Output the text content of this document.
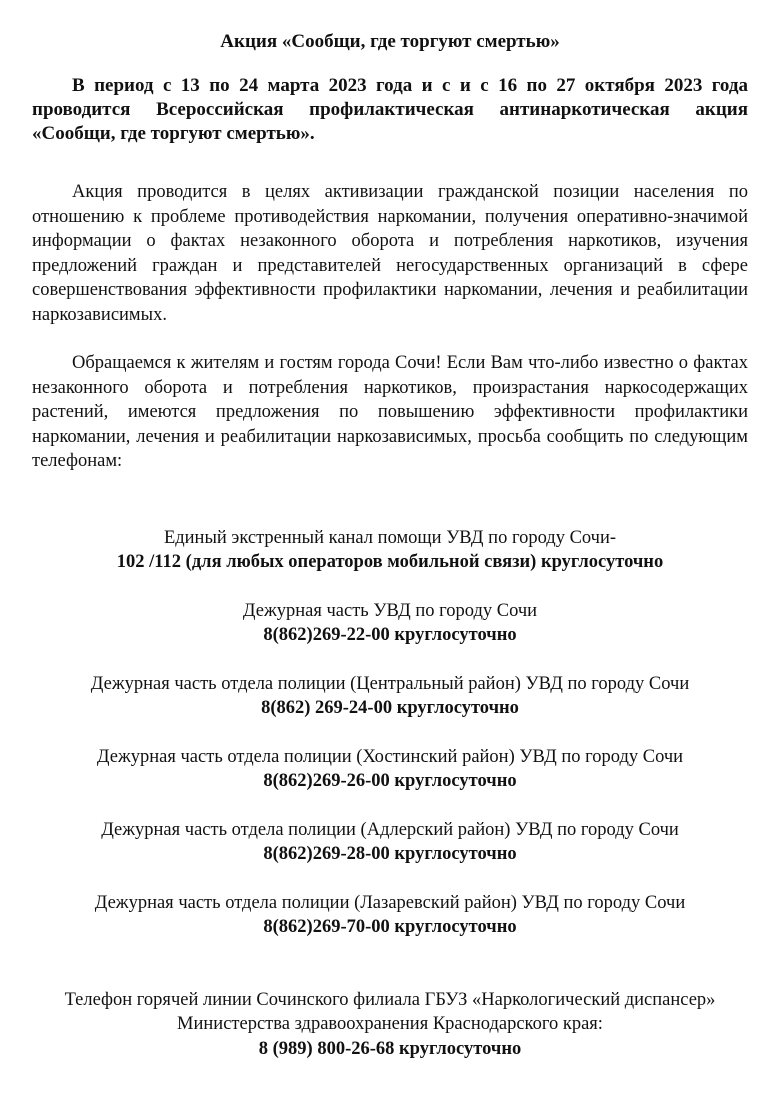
Акция «Сообщи, где торгуют смертью»

В период с 13 по 24 марта 2023 года и с и с 16 по 27 октября 2023 года проводится Всероссийская профилактическая антинаркотическая акция «Сообщи, где торгуют смертью».

Акция проводится в целях активизации гражданской позиции населения по отношению к проблеме противодействия наркомании, получения оперативно-значимой информации о фактах незаконного оборота и потребления наркотиков, изучения предложений граждан и представителей негосударственных организаций в сфере совершенствования эффективности профилактики наркомании, лечения и реабилитации наркозависимых.

Обращаемся к жителям и гостям города Сочи! Если Вам что-либо известно о фактах незаконного оборота и потребления наркотиков, произрастания наркосодержащих растений, имеются предложения по повышению эффективности профилактики наркомании, лечения и реабилитации наркозависимых, просьба сообщить по следующим телефонам:

Единый экстренный канал помощи УВД по городу Сочи-
102 /112 (для любых операторов мобильной связи) круглосуточно
Дежурная часть УВД по городу Сочи
8(862)269-22-00 круглосуточно
Дежурная часть отдела полиции (Центральный район) УВД по городу Сочи
8(862) 269-24-00 круглосуточно
Дежурная часть отдела полиции (Хостинский район) УВД по городу Сочи
8(862)269-26-00 круглосуточно
Дежурная часть отдела полиции (Адлерский район) УВД по городу Сочи
8(862)269-28-00 круглосуточно
Дежурная часть отдела полиции (Лазаревский район) УВД по городу Сочи
8(862)269-70-00 круглосуточно
Телефон горячей линии Сочинского филиала ГБУЗ «Наркологический диспансер» Министерства здравоохранения Краснодарского края:
8 (989) 800-26-68 круглосуточно
